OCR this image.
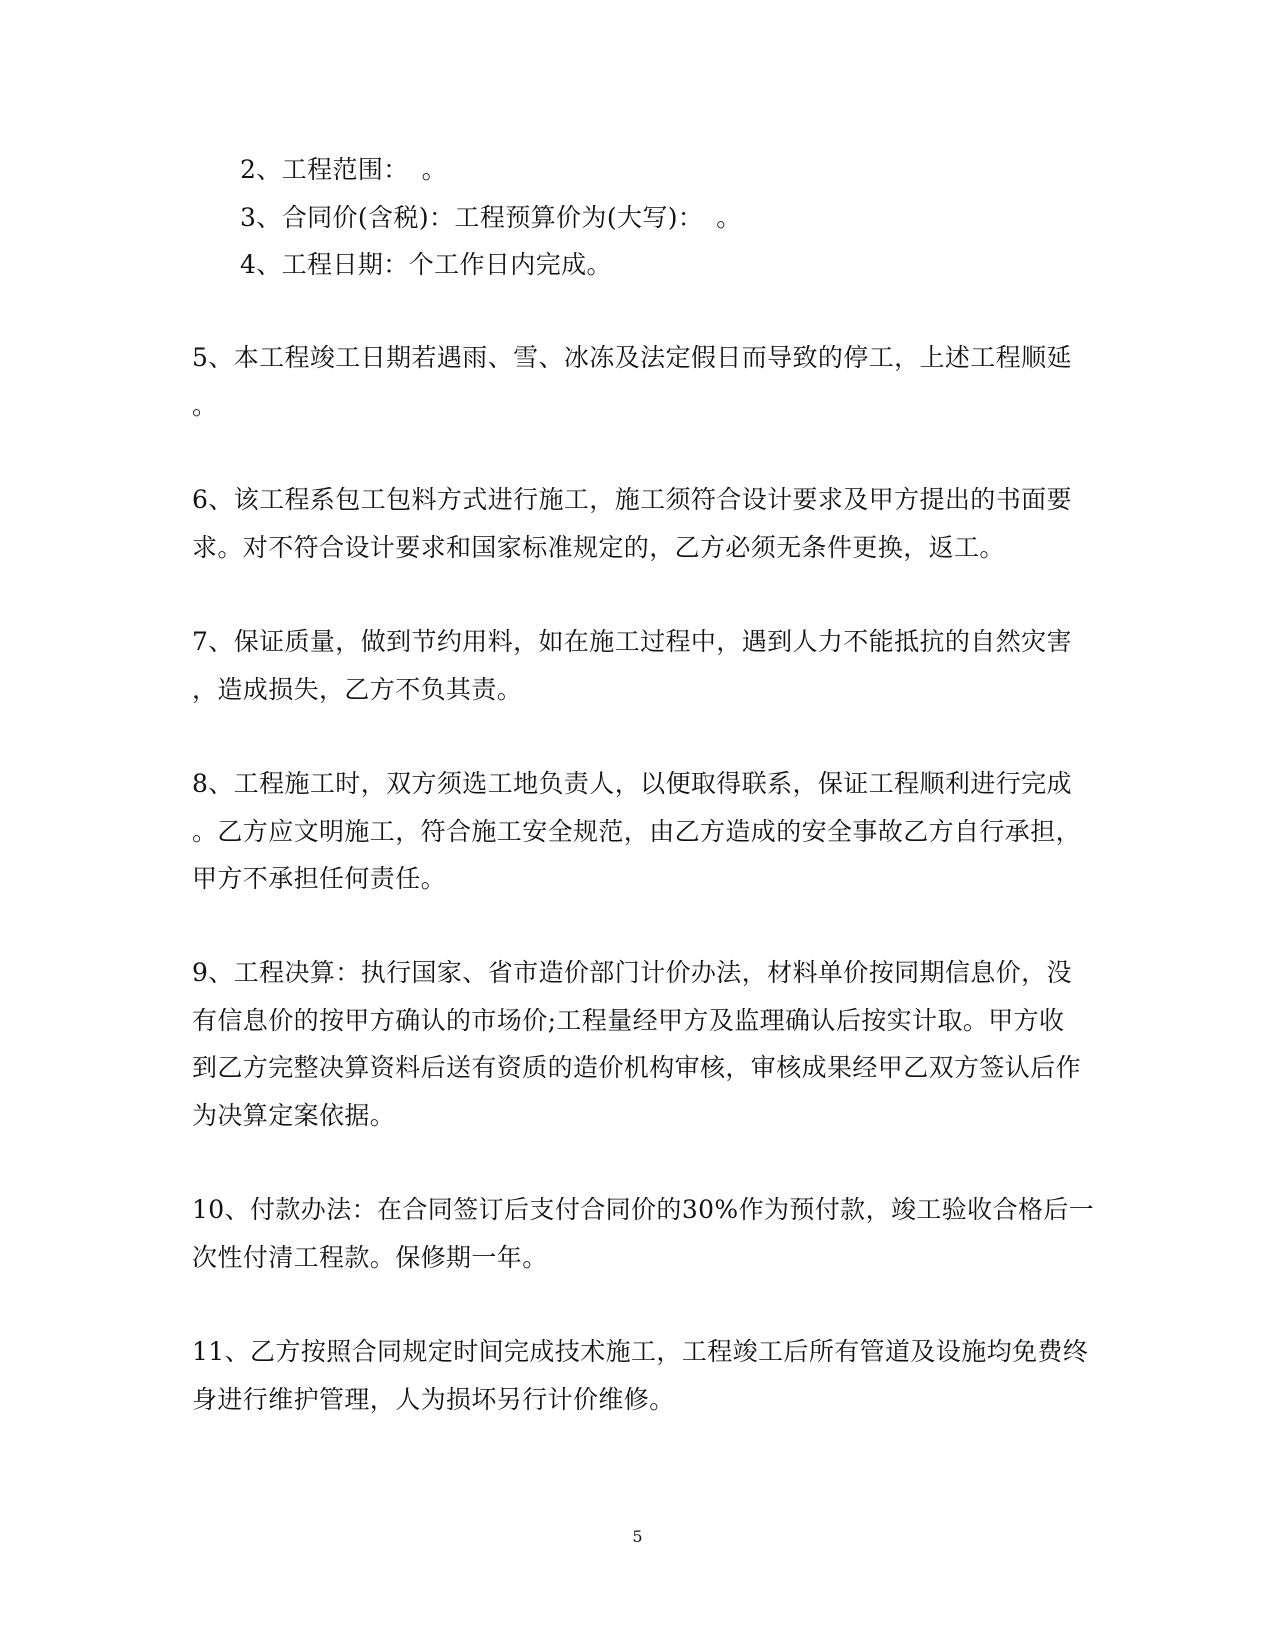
2、工程范围：　。
3、合同价(含税)：工程预算价为(大写)：　。
4、工程日期：个工作日内完成。
5、本工程竣工日期若遇雨、雪、冰冻及法定假日而导致的停工，上述工程顺延
。
6、该工程系包工包料方式进行施工，施工须符合设计要求及甲方提出的书面要
求。对不符合设计要求和国家标准规定的，乙方必须无条件更换，返工。
7、保证质量，做到节约用料，如在施工过程中，遇到人力不能抵抗的自然灾害
，造成损失，乙方不负其责。
8、工程施工时，双方须选工地负责人，以便取得联系，保证工程顺利进行完成
。乙方应文明施工，符合施工安全规范，由乙方造成的安全事故乙方自行承担，
甲方不承担任何责任。
9、工程决算：执行国家、省市造价部门计价办法，材料单价按同期信息价，没
有信息价的按甲方确认的市场价;工程量经甲方及监理确认后按实计取。甲方收
到乙方完整决算资料后送有资质的造价机构审核，审核成果经甲乙双方签认后作
为决算定案依据。
10、付款办法：在合同签订后支付合同价的30%作为预付款，竣工验收合格后一
次性付清工程款。保修期一年。
11、乙方按照合同规定时间完成技术施工，工程竣工后所有管道及设施均免费终
身进行维护管理，人为损坏另行计价维修。
5
